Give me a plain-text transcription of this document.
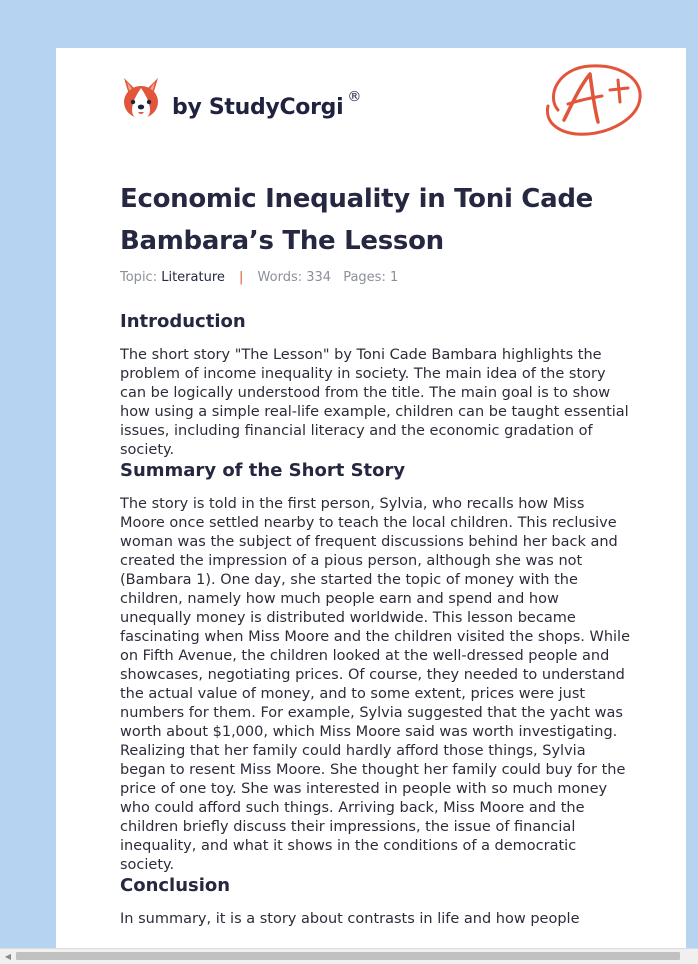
by StudyCorgi ®
Economic Inequality in Toni Cade Bambara’s The Lesson
Topic: Literature | Words: 334 Pages: 1
Introduction

The short story "The Lesson" by Toni Cade Bambara highlights the problem of income inequality in society. The main idea of the story can be logically understood from the title. The main goal is to show how using a simple real-life example, children can be taught essential issues, including financial literacy and the economic gradation of society.

Summary of the Short Story

The story is told in the first person, Sylvia, who recalls how Miss Moore once settled nearby to teach the local children. This reclusive woman was the subject of frequent discussions behind her back and created the impression of a pious person, although she was not (Bambara 1). One day, she started the topic of money with the children, namely how much people earn and spend and how unequally money is distributed worldwide. This lesson became fascinating when Miss Moore and the children visited the shops. While on Fifth Avenue, the children looked at the well-dressed people and showcases, negotiating prices. Of course, they needed to understand the actual value of money, and to some extent, prices were just numbers for them. For example, Sylvia suggested that the yacht was worth about $1,000, which Miss Moore said was worth investigating. Realizing that her family could hardly afford those things, Sylvia began to resent Miss Moore. She thought her family could buy for the price of one toy. She was interested in people with so much money who could afford such things. Arriving back, Miss Moore and the children briefly discuss their impressions, the issue of financial inequality, and what it shows in the conditions of a democratic society.

Conclusion

In summary, it is a story about contrasts in life and how people

◀
